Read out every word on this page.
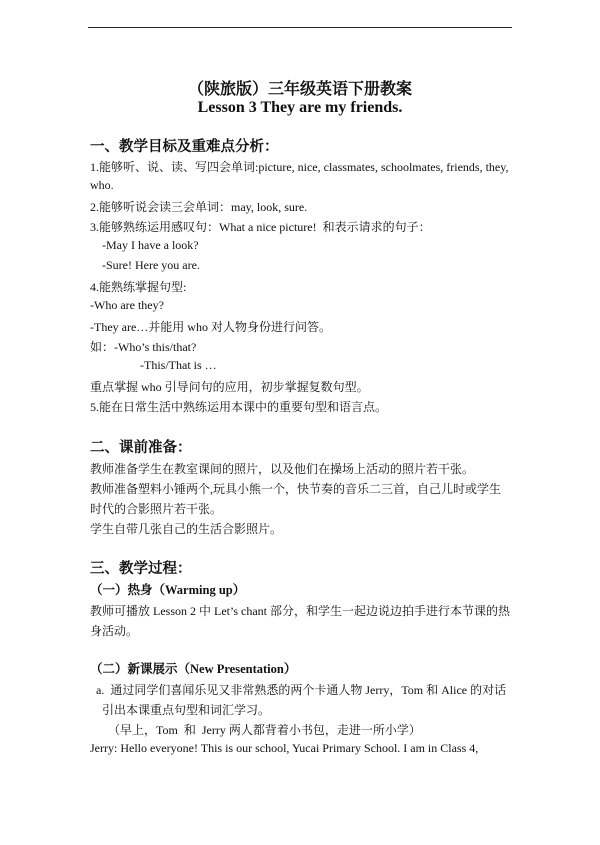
（陕旅版）三年级英语下册教案
Lesson 3 They are my friends.
一、教学目标及重难点分析：
1.能够听、说、读、写四会单词:picture, nice, classmates, schoolmates, friends, they,
who.
2.能够听说会读三会单词：may, look, sure.
3.能够熟练运用感叹句：What a nice picture!  和表示请求的句子：
-May I have a look?
-Sure! Here you are.
4.能熟练掌握句型:
-Who are they?
-They are…并能用 who 对人物身份进行问答。
如：-Who’s this/that?
-This/That is …
重点掌握 who 引导问句的应用，初步掌握复数句型。
5.能在日常生活中熟练运用本课中的重要句型和语言点。
二、课前准备：
教师准备学生在教室课间的照片，以及他们在操场上活动的照片若干张。
教师准备塑料小锤两个,玩具小熊一个，快节奏的音乐二三首，自己儿时或学生
时代的合影照片若干张。
学生自带几张自己的生活合影照片。
三、教学过程：
（一）热身（Warming up）
教师可播放 Lesson 2 中 Let’s chant 部分，和学生一起边说边拍手进行本节课的热
身活动。
（二）新课展示（New Presentation）
a.  通过同学们喜闻乐见又非常熟悉的两个卡通人物 Jerry，Tom 和 Alice 的对话
引出本课重点句型和词汇学习。
（早上，Tom  和  Jerry 两人都背着小书包，走进一所小学）
Jerry: Hello everyone! This is our school, Yucai Primary School. I am in Class 4,
